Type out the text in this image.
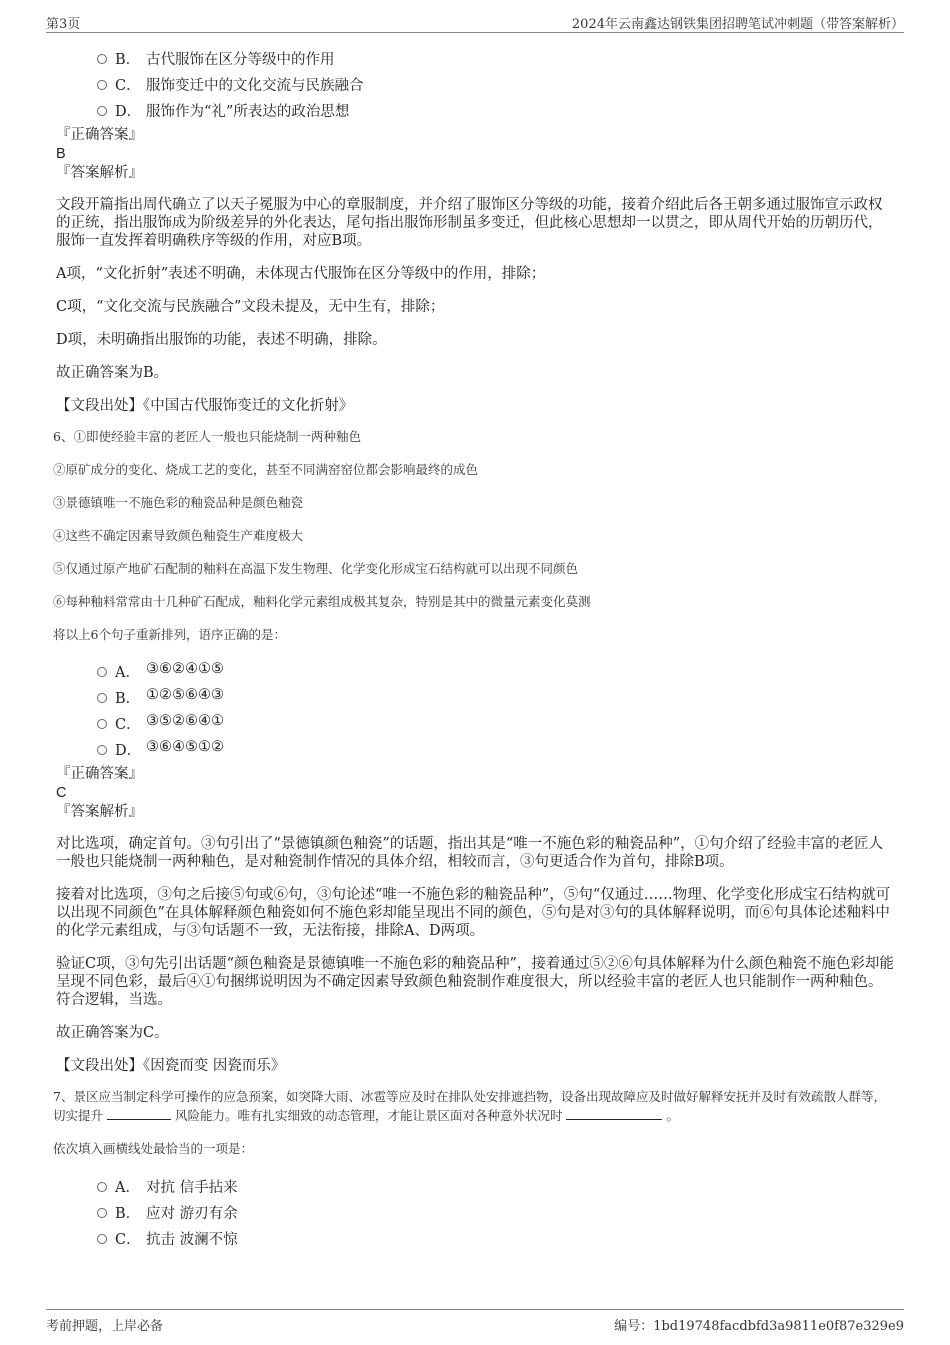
第3页	2024年云南鑫达钢铁集团招聘笔试冲刺题（带答案解析）
B． 古代服饰在区分等级中的作用
C． 服饰变迁中的文化交流与民族融合
D． 服饰作为“礼”所表达的政治思想
『正确答案』
B
『答案解析』
文段开篇指出周代确立了以天子冕服为中心的章服制度，并介绍了服饰区分等级的功能，接着介绍此后各王朝多通过服饰宣示政权的正统，指出服饰成为阶级差异的外化表达，尾句指出服饰形制虽多变迁，但此核心思想却一以贯之，即从周代开始的历朝历代，服饰一直发挥着明确秩序等级的作用，对应B项。
A项，“文化折射”表述不明确，未体现古代服饰在区分等级中的作用，排除；
C项，“文化交流与民族融合”文段未提及，无中生有，排除；
D项，未明确指出服饰的功能，表述不明确，排除。
故正确答案为B。
【文段出处】《中国古代服饰变迁的文化折射》
6、①即使经验丰富的老匠人一般也只能烧制一两种釉色
②原矿成分的变化、烧成工艺的变化，甚至不同满窑窑位都会影响最终的成色
③景德镇唯一不施色彩的釉瓷品种是颜色釉瓷
④这些不确定因素导致颜色釉瓷生产难度极大
⑤仅通过原产地矿石配制的釉料在高温下发生物理、化学变化形成宝石结构就可以出现不同颜色
⑥每种釉料常常由十几种矿石配成，釉料化学元素组成极其复杂，特别是其中的微量元素变化莫测
将以上6个句子重新排列，语序正确的是：
A． ③⑥②④①⑤
B． ①②⑤⑥④③
C． ③⑤②⑥④①
D． ③⑥④⑤①②
『正确答案』
C
『答案解析』
对比选项，确定首句。③句引出了“景德镇颜色釉瓷”的话题，指出其是“唯一不施色彩的釉瓷品种”，①句介绍了经验丰富的老匠人一般也只能烧制一两种釉色，是对釉瓷制作情况的具体介绍，相较而言，③句更适合作为首句，排除B项。
接着对比选项，③句之后接⑤句或⑥句，③句论述“唯一不施色彩的釉瓷品种”，⑤句“仅通过……物理、化学变化形成宝石结构就可以出现不同颜色”在具体解释颜色釉瓷如何不施色彩却能呈现出不同的颜色，⑤句是对③句的具体解释说明，而⑥句具体论述釉料中的化学元素组成，与③句话题不一致，无法衔接，排除A、D两项。
验证C项，③句先引出话题“颜色釉瓷是景德镇唯一不施色彩的釉瓷品种”，接着通过⑤②⑥句具体解释为什么颜色釉瓷不施色彩却能呈现不同色彩，最后④①句捆绑说明因为不确定因素导致颜色釉瓷制作难度很大，所以经验丰富的老匠人也只能制作一两种釉色。符合逻辑，当选。
故正确答案为C。
【文段出处】《因瓷而变 因瓷而乐》
7、景区应当制定科学可操作的应急预案，如突降大雨、冰雹等应及时在排队处安排遮挡物，设备出现故障应及时做好解释安抚并及时有效疏散人群等，切实提升	风险能力。唯有扎实细致的动态管理，才能让景区面对各种意外状况时	。
依次填入画横线处最恰当的一项是：
A． 对抗 信手拈来
B． 应对 游刃有余
C． 抗击 波澜不惊
考前押题，上岸必备	编号：1bd19748facdbfd3a9811e0f87e329e9
